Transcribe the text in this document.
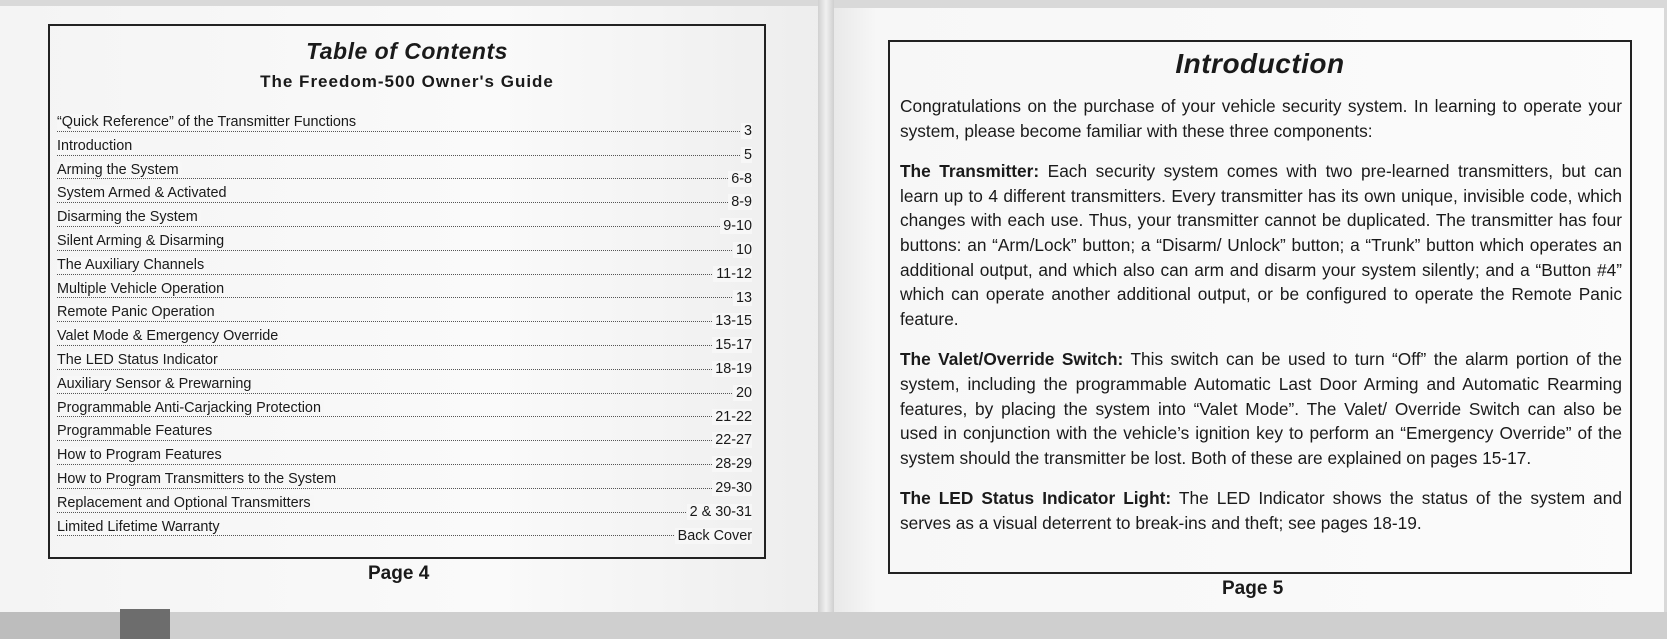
Table of Contents
The Freedom-500 Owner's Guide
“Quick Reference” of the Transmitter Functions
3
Introduction
5
Arming the System
6-8
System Armed & Activated
8-9
Disarming the System
9-10
Silent Arming & Disarming
10
The Auxiliary Channels
11-12
Multiple Vehicle Operation
13
Remote Panic Operation
13-15
Valet Mode & Emergency Override
15-17
The LED Status Indicator
18-19
Auxiliary Sensor & Prewarning
20
Programmable Anti-Carjacking Protection
21-22
Programmable Features
22-27
How to Program Features
28-29
How to Program Transmitters to the System
29-30
Replacement and Optional Transmitters
2 & 30-31
Limited Lifetime Warranty
Back Cover
Page 4
Introduction

Congratulations on the purchase of your vehicle security system. In learning to operate your system, please become familiar with these three components:

The Transmitter: Each security system comes with two pre-learned transmitters, but can learn up to 4 different transmitters. Every transmitter has its own unique, invisible code, which changes with each use. Thus, your transmitter cannot be duplicated. The transmitter has four buttons: an “Arm/Lock” button; a “Disarm/ Unlock” button; a “Trunk” button which operates an additional output, and which also can arm and disarm your system silently; and a “Button #4” which can operate another additional output, or be configured to operate the Remote Panic feature.

The Valet/Override Switch: This switch can be used to turn “Off” the alarm portion of the system, including the programmable Automatic Last Door Arming and Automatic Rearming features, by placing the system into “Valet Mode”. The Valet/ Override Switch can also be used in conjunction with the vehicle’s ignition key to perform an “Emergency Override” of the system should the transmitter be lost. Both of these are explained on pages 15-17.

The LED Status Indicator Light: The LED Indicator shows the status of the system and serves as a visual deterrent to break-ins and theft; see pages 18-19.

Page 5
